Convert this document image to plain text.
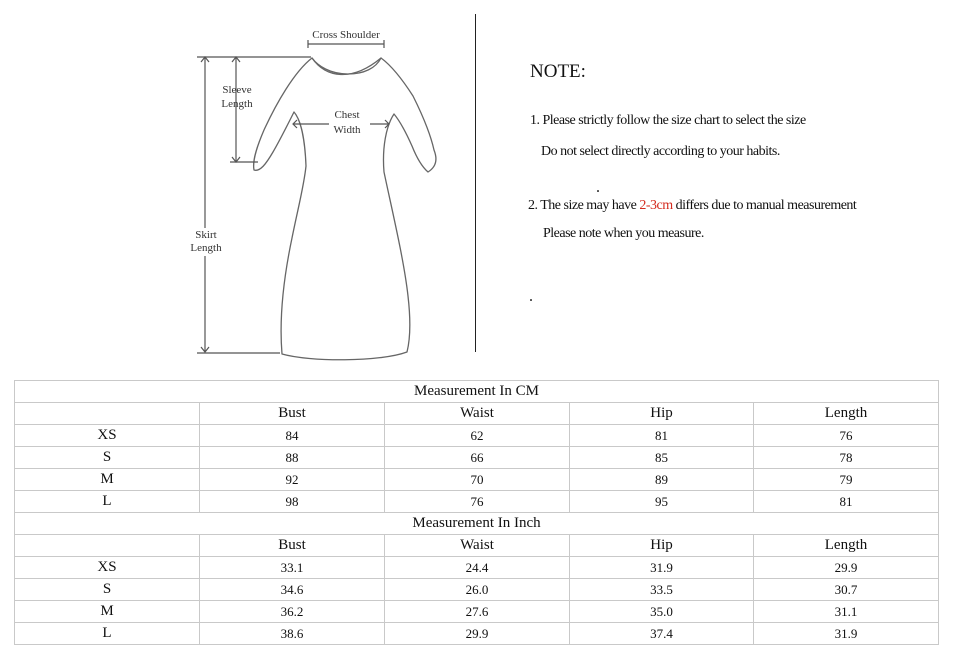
Cross Shoulder
Sleeve
Length
Chest
Width
Skirt
Length
NOTE:
1. Please strictly follow the size chart to select the size
Do not select directly according to your habits.
2. The size may have 2-3cm differs due to manual measurement
Please note when you measure.
Measurement In CM				
	Bust	Waist	Hip	Length
XS	84	62	81	76
S	88	66	85	78
M	92	70	89	79
L	98	76	95	81
Measurement In Inch				
	Bust	Waist	Hip	Length
XS	33.1	24.4	31.9	29.9
S	34.6	26.0	33.5	30.7
M	36.2	27.6	35.0	31.1
L	38.6	29.9	37.4	31.9
